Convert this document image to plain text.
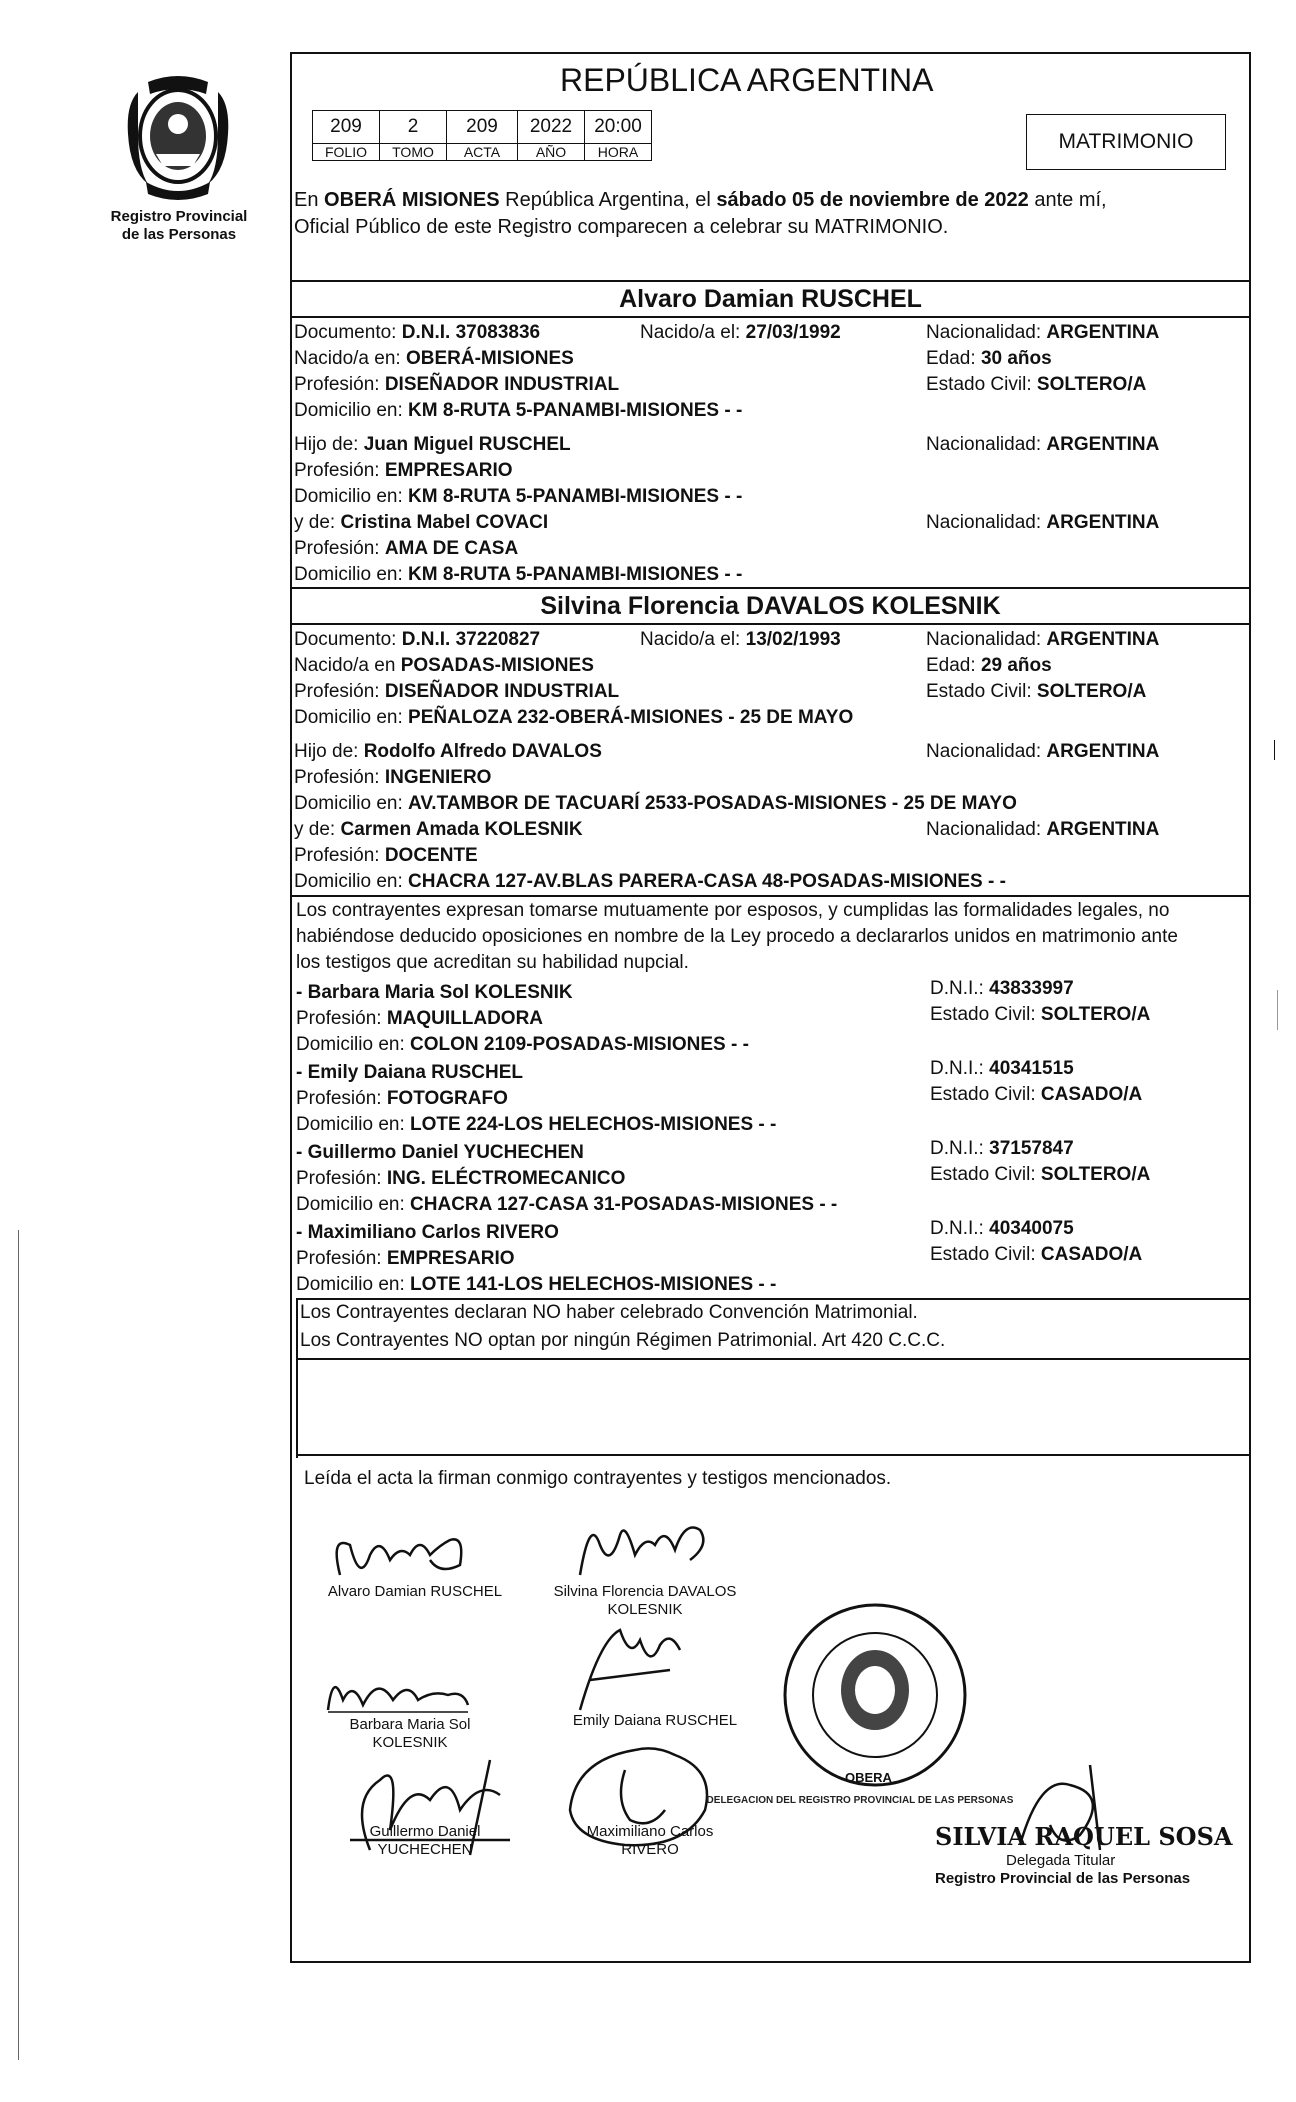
Registro Provincial de las Personas
REPÚBLICA ARGENTINA
209	2	209	2022	20:00
FOLIO	TOMO	ACTA	AÑO	HORA	MATRIMONIO
En OBERÁ MISIONES República Argentina, el sábado 05 de noviembre de 2022 ante mí,
Oficial Público de este Registro comparecen a celebrar su MATRIMONIO.
Alvaro Damian RUSCHEL
Documento: D.N.I. 37083836	Nacido/a el: 27/03/1992	Nacionalidad: ARGENTINA
Nacido/a en: OBERÁ-MISIONES	Edad: 30 años
Profesión: DISEÑADOR INDUSTRIAL	Estado Civil: SOLTERO/A
Domicilio en: KM 8-RUTA 5-PANAMBI-MISIONES - -
Hijo de: Juan Miguel RUSCHEL	Nacionalidad: ARGENTINA
Profesión: EMPRESARIO
Domicilio en: KM 8-RUTA 5-PANAMBI-MISIONES - -
y de: Cristina Mabel COVACI	Nacionalidad: ARGENTINA
Profesión: AMA DE CASA
Domicilio en: KM 8-RUTA 5-PANAMBI-MISIONES - -
Silvina Florencia DAVALOS KOLESNIK
Documento: D.N.I. 37220827	Nacido/a el: 13/02/1993	Nacionalidad: ARGENTINA
Nacido/a en POSADAS-MISIONES	Edad: 29 años
Profesión: DISEÑADOR INDUSTRIAL	Estado Civil: SOLTERO/A
Domicilio en: PEÑALOZA 232-OBERÁ-MISIONES - 25 DE MAYO
Hijo de: Rodolfo Alfredo DAVALOS	Nacionalidad: ARGENTINA
Profesión: INGENIERO
Domicilio en: AV.TAMBOR DE TACUARÍ 2533-POSADAS-MISIONES - 25 DE MAYO
y de: Carmen Amada KOLESNIK	Nacionalidad: ARGENTINA
Profesión: DOCENTE
Domicilio en: CHACRA 127-AV.BLAS PARERA-CASA 48-POSADAS-MISIONES - -
Los contrayentes expresan tomarse mutuamente por esposos, y cumplidas las formalidades legales, no
habiéndose deducido oposiciones en nombre de la Ley procedo a declararlos unidos en matrimonio ante
los testigos que acreditan su habilidad nupcial.
- Barbara Maria Sol KOLESNIK	D.N.I.: 43833997
Profesión: MAQUILLADORA	Estado Civil: SOLTERO/A
Domicilio en: COLON 2109-POSADAS-MISIONES - -
- Emily Daiana RUSCHEL	D.N.I.: 40341515
Profesión: FOTOGRAFO	Estado Civil: CASADO/A
Domicilio en: LOTE 224-LOS HELECHOS-MISIONES - -
- Guillermo Daniel YUCHECHEN	D.N.I.: 37157847
Profesión: ING. ELÉCTROMECANICO	Estado Civil: SOLTERO/A
Domicilio en: CHACRA 127-CASA 31-POSADAS-MISIONES - -
- Maximiliano Carlos RIVERO	D.N.I.: 40340075
Profesión: EMPRESARIO	Estado Civil: CASADO/A
Domicilio en: LOTE 141-LOS HELECHOS-MISIONES - -
Los Contrayentes declaran NO haber celebrado Convención Matrimonial.
Los Contrayentes NO optan por ningún Régimen Patrimonial. Art 420 C.C.C.
Leída el acta la firman conmigo contrayentes y testigos mencionados.
Alvaro Damian RUSCHEL	Silvina Florencia DAVALOS
KOLESNIK
Barbara Maria Sol
KOLESNIK
Emily Daiana RUSCHEL
Guillermo Daniel
YUCHECHEN
Maximiliano Carlos
RIVERO
DELEGACION DEL REGISTRO PROVINCIAL DE LAS PERSONAS
OBERA
SILVIA RAQUEL SOSA
Delegada Titular
Registro Provincial de las Personas
